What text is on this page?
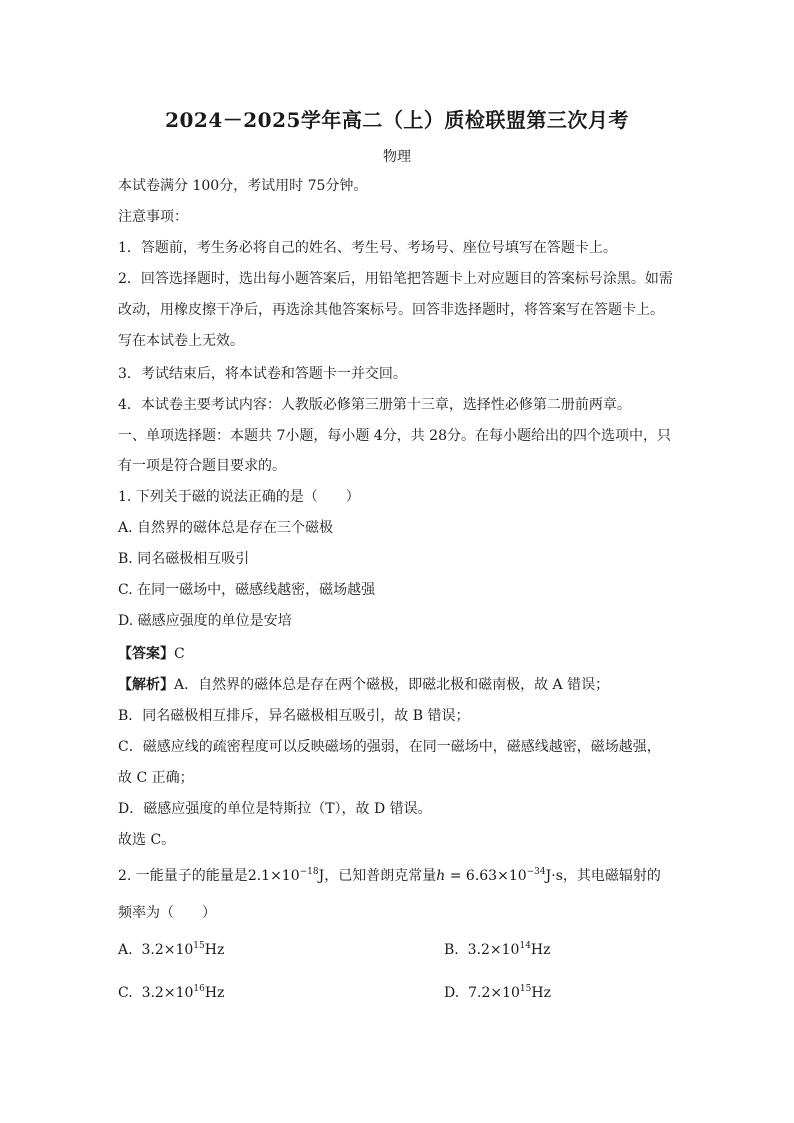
2024－2025学年高二（上）质检联盟第三次月考
物理
本试卷满分 100分，考试用时 75分钟。
注意事项：
1．答题前，考生务必将自己的姓名、考生号、考场号、座位号填写在答题卡上。
2．回答选择题时，选出每小题答案后，用铅笔把答题卡上对应题目的答案标号涂黑。如需
改动，用橡皮擦干净后，再选涂其他答案标号。回答非选择题时，将答案写在答题卡上。
写在本试卷上无效。
3．考试结束后，将本试卷和答题卡一并交回。
4．本试卷主要考试内容：人教版必修第三册第十三章，选择性必修第二册前两章。
一、单项选择题：本题共 7小题，每小题 4分，共 28分。在每小题给出的四个选项中，只
有一项是符合题目要求的。
1. 下列关于磁的说法正确的是（　　）
A. 自然界的磁体总是存在三个磁极
B. 同名磁极相互吸引
C. 在同一磁场中，磁感线越密，磁场越强
D. 磁感应强度的单位是安培
【答案】C
【解析】A．自然界的磁体总是存在两个磁极，即磁北极和磁南极，故 A 错误；
B．同名磁极相互排斥，异名磁极相互吸引，故 B 错误；
C．磁感应线的疏密程度可以反映磁场的强弱，在同一磁场中，磁感线越密，磁场越强，
故 C 正确；
D．磁感应强度的单位是特斯拉（T），故 D 错误。
故选 C。
2. 一能量子的能量是$2.1\times 10^{-18}J$，已知普朗克常量$h = 6.63\times 10^{-34}J\cdot s$，其电磁辐射的
频率为（　　）
A. $3.2\times 10^{15}Hz$	B. $3.2\times 10^{14}Hz$
C. $3.2\times 10^{16}Hz$	D. $7.2\times 10^{15}Hz$
